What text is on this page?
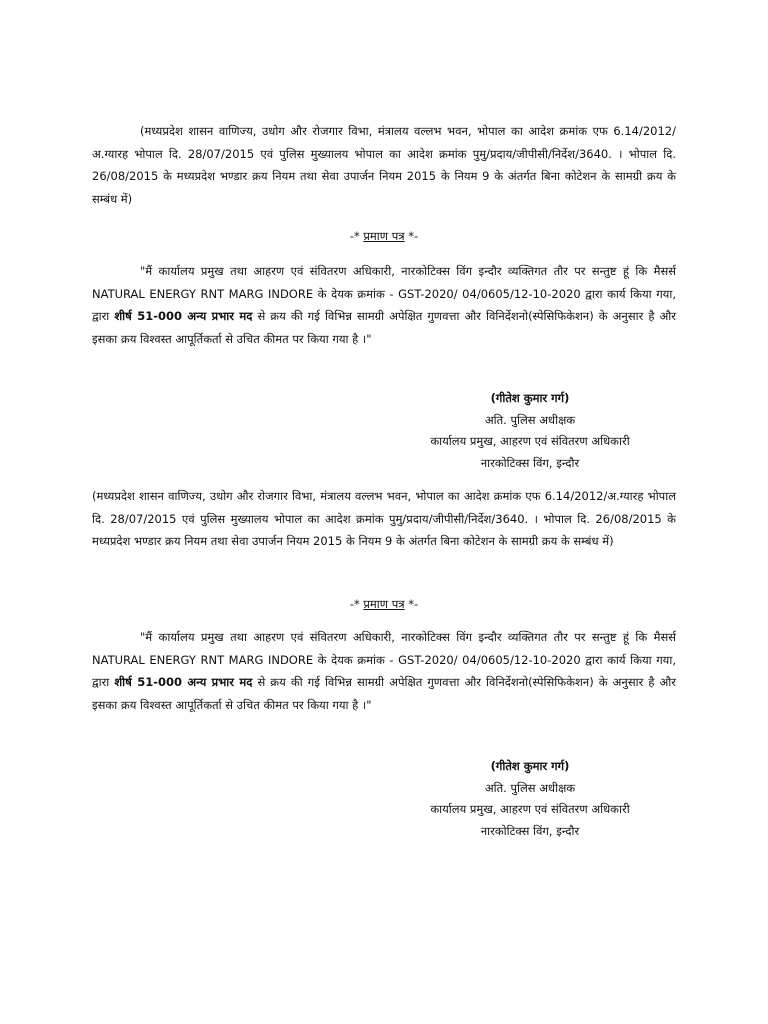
(मध्यप्रदेश शासन वाणिज्य, उधोग और रोजगार विभा, मंत्रालय वल्लभ भवन, भोपाल का आदेश क्रमांक एफ 6.14/2012/अ.ग्यारह भोपाल दि. 28/07/2015 एवं पुलिस मुख्यालय भोपाल का आदेश क्रमांक पुमु/प्रदाय/जीपीसी/निर्देश/3640. । भोपाल दि. 26/08/2015 के मध्यप्रदेश भण्डार क्रय नियम तथा सेवा उपार्जन नियम 2015 के नियम 9 के अंतर्गत बिना कोटेशन के सामग्री क्रय के सम्बंध में)

-* प्रमाण पत्र *-

"मैं कार्यालय प्रमुख तथा आहरण एवं संवितरण अधिकारी, नारकोटिक्स विंग इन्दौर व्यक्तिगत तौर पर सन्तुष्ट हूं कि मैसर्स NATURAL ENERGY RNT MARG INDORE के देयक क्रमांक - GST-2020/ 04/0605/12-10-2020 द्वारा कार्य किया गया, द्वारा शीर्ष 51-000 अन्य प्रभार मद से क्रय की गई विभिन्न सामग्री अपेक्षित गुणवत्ता और विनिर्देशनो(स्पेसिफिकेशन) के अनुसार है और इसका क्रय विश्वस्त आपूर्तिकर्ता से उचित कीमत पर किया गया है ।"

(गीतेश कुमार गर्ग)
अति. पुलिस अधीक्षक
कार्यालय प्रमुख, आहरण एवं संवितरण अधिकारी
नारकोटिक्स विंग, इन्दौर

(मध्यप्रदेश शासन वाणिज्य, उधोग और रोजगार विभा, मंत्रालय वल्लभ भवन, भोपाल का आदेश क्रमांक एफ 6.14/2012/अ.ग्यारह भोपाल दि. 28/07/2015 एवं पुलिस मुख्यालय भोपाल का आदेश क्रमांक पुमु/प्रदाय/जीपीसी/निर्देश/3640. । भोपाल दि. 26/08/2015 के मध्यप्रदेश भण्डार क्रय नियम तथा सेवा उपार्जन नियम 2015 के नियम 9 के अंतर्गत बिना कोटेशन के सामग्री क्रय के सम्बंध में)

-* प्रमाण पत्र *-

"मैं कार्यालय प्रमुख तथा आहरण एवं संवितरण अधिकारी, नारकोटिक्स विंग इन्दौर व्यक्तिगत तौर पर सन्तुष्ट हूं कि मैसर्स NATURAL ENERGY RNT MARG INDORE के देयक क्रमांक - GST-2020/ 04/0605/12-10-2020 द्वारा कार्य किया गया, द्वारा शीर्ष 51-000 अन्य प्रभार मद से क्रय की गई विभिन्न सामग्री अपेक्षित गुणवत्ता और विनिर्देशनो(स्पेसिफिकेशन) के अनुसार है और इसका क्रय विश्वस्त आपूर्तिकर्ता से उचित कीमत पर किया गया है ।"

(गीतेश कुमार गर्ग)
अति. पुलिस अधीक्षक
कार्यालय प्रमुख, आहरण एवं संवितरण अधिकारी
नारकोटिक्स विंग, इन्दौर
